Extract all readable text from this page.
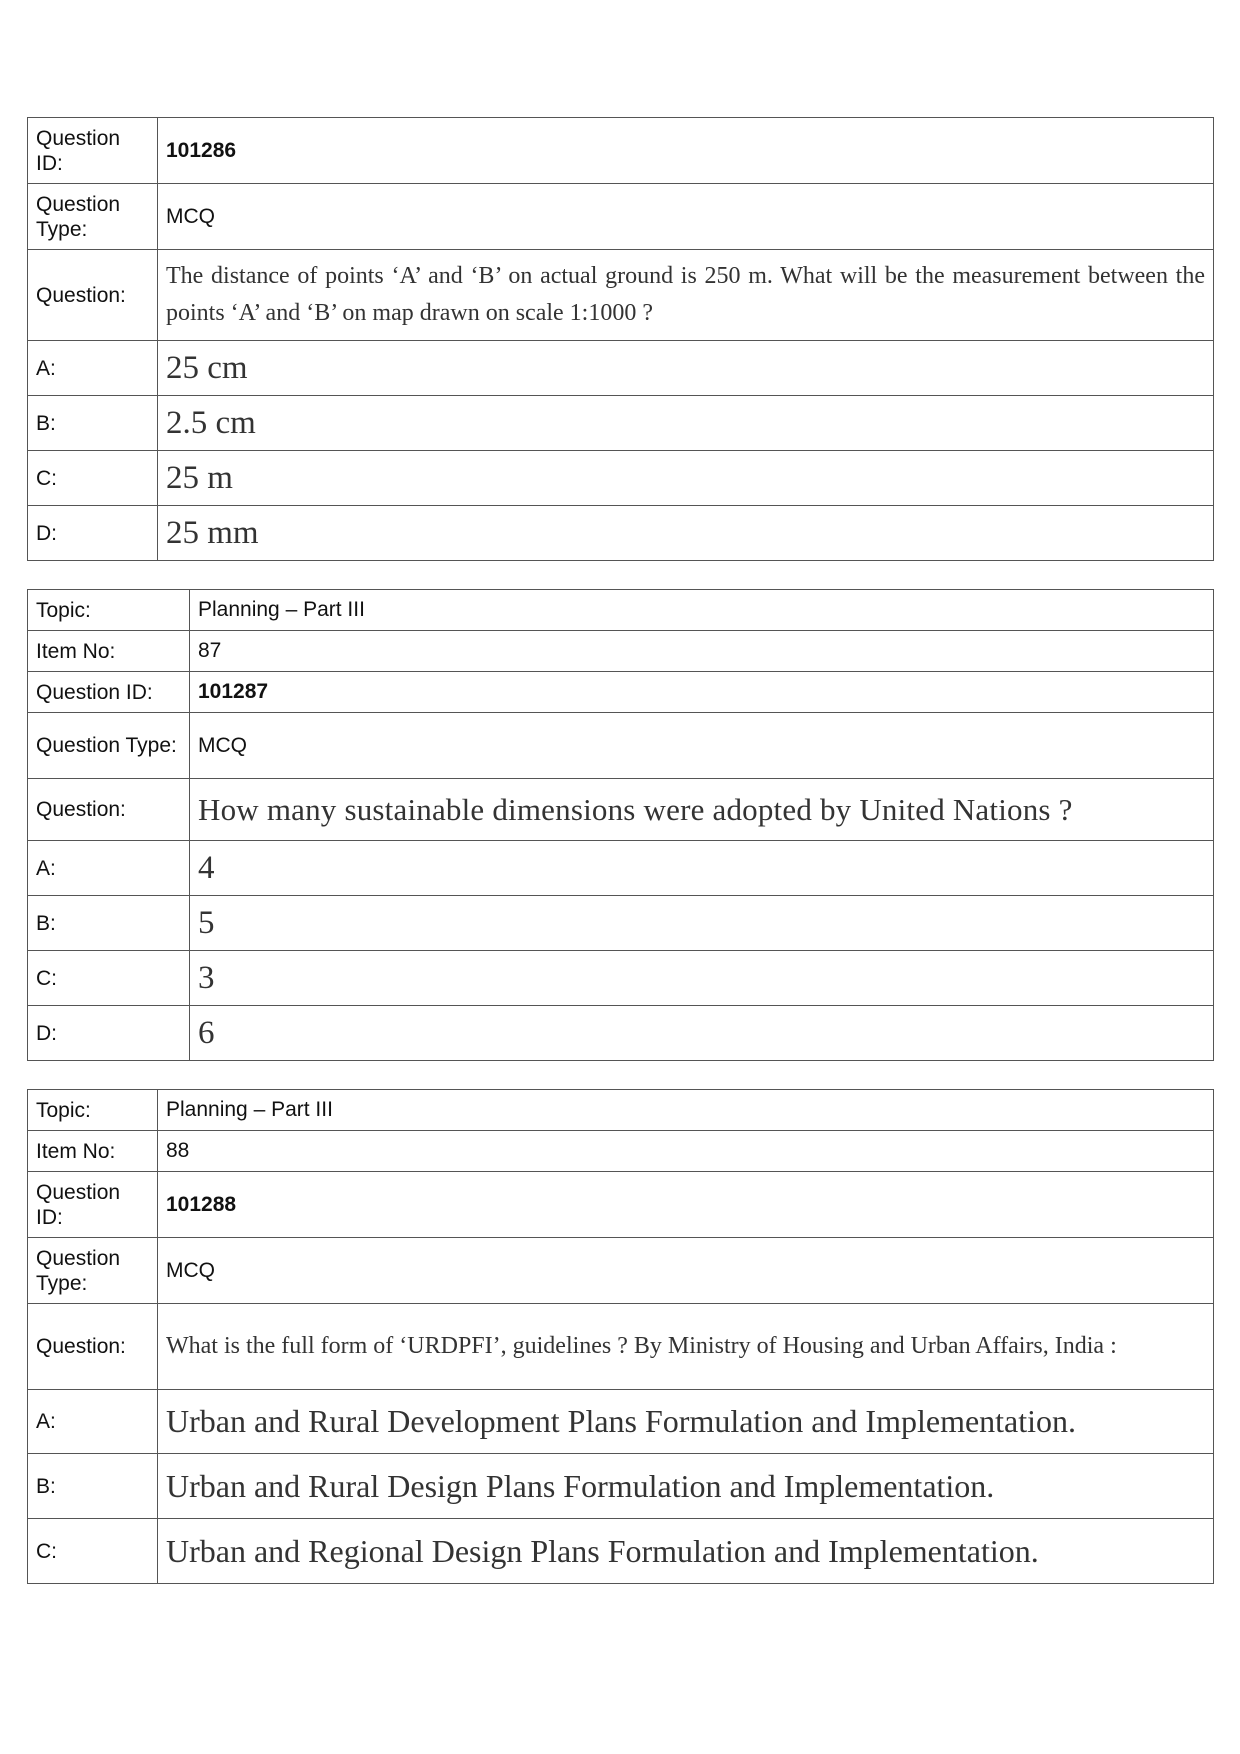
Question ID:	101286
Question Type:	MCQ
Question:	The distance of points ‘A’ and ‘B’ on actual ground is 250 m. What will be the measurement between the points ‘A’ and ‘B’ on map drawn on scale 1:1000 ?
A:	25 cm
B:	2.5 cm
C:	25 m
D:	25 mm
Topic:	Planning – Part III
Item No:	87
Question ID:	101287
Question Type:	MCQ
Question:	How many sustainable dimensions were adopted by United Nations ?
A:	4
B:	5
C:	3
D:	6
Topic:	Planning – Part III
Item No:	88
Question ID:	101288
Question Type:	MCQ
Question:	What is the full form of ‘URDPFI’, guidelines ? By Ministry of Housing and Urban Affairs, India :
A:	Urban and Rural Development Plans Formulation and Implementation.
B:	Urban and Rural Design Plans Formulation and Implementation.
C:	Urban and Regional Design Plans Formulation and Implementation.
